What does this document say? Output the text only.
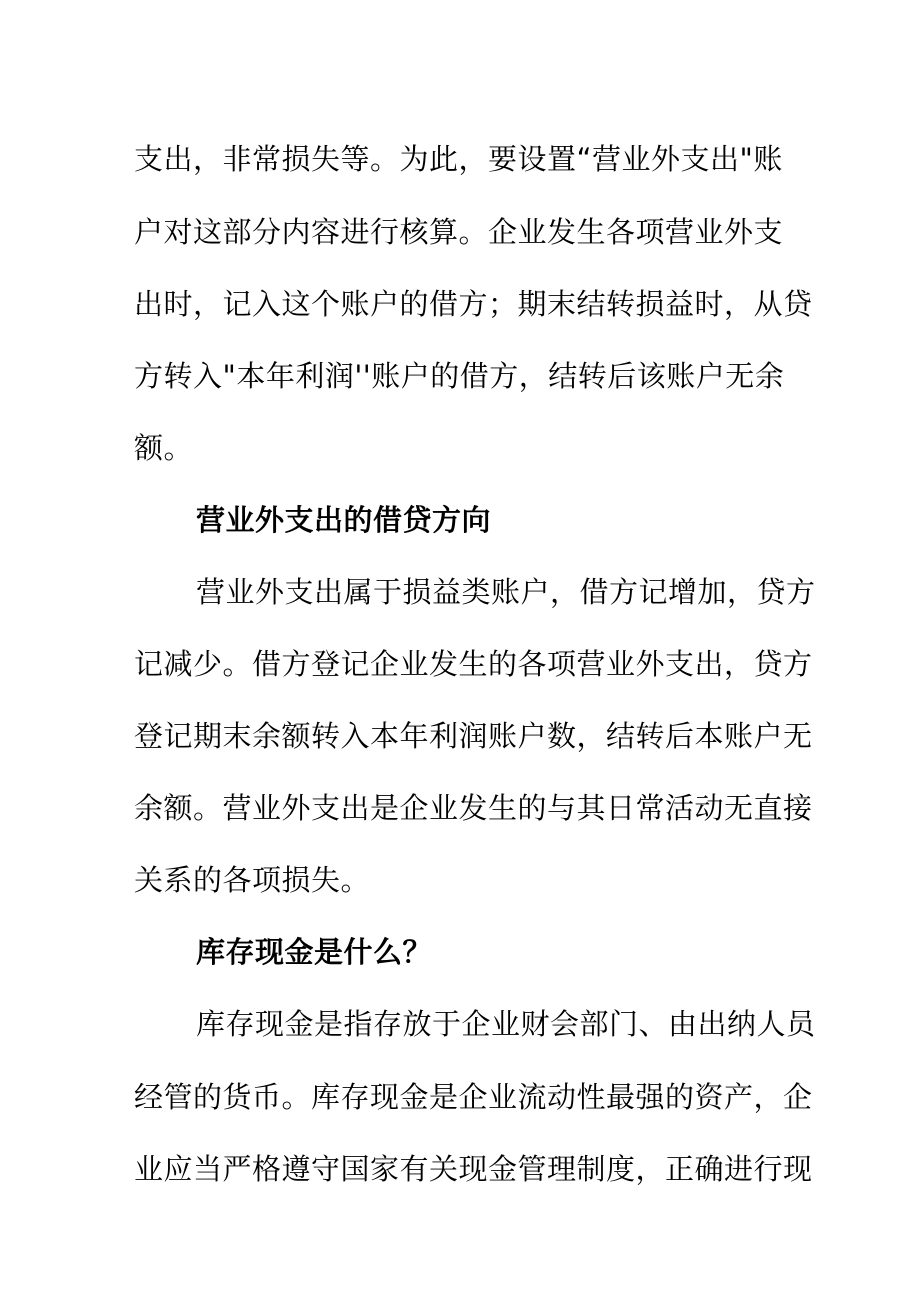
支出，非常损失等。为此，要设置“营业外支出"账
户对这部分内容进行核算。企业发生各项营业外支
出时，记入这个账户的借方；期末结转损益时，从贷
方转入"本年利润''账户的借方，结转后该账户无余
额。
营业外支出的借贷方向
营业外支出属于损益类账户，借方记增加，贷方
记减少。借方登记企业发生的各项营业外支出，贷方
登记期末余额转入本年利润账户数，结转后本账户无
余额。营业外支出是企业发生的与其日常活动无直接
关系的各项损失。
库存现金是什么？
库存现金是指存放于企业财会部门、由出纳人员
经管的货币。库存现金是企业流动性最强的资产，企
业应当严格遵守国家有关现金管理制度，正确进行现
